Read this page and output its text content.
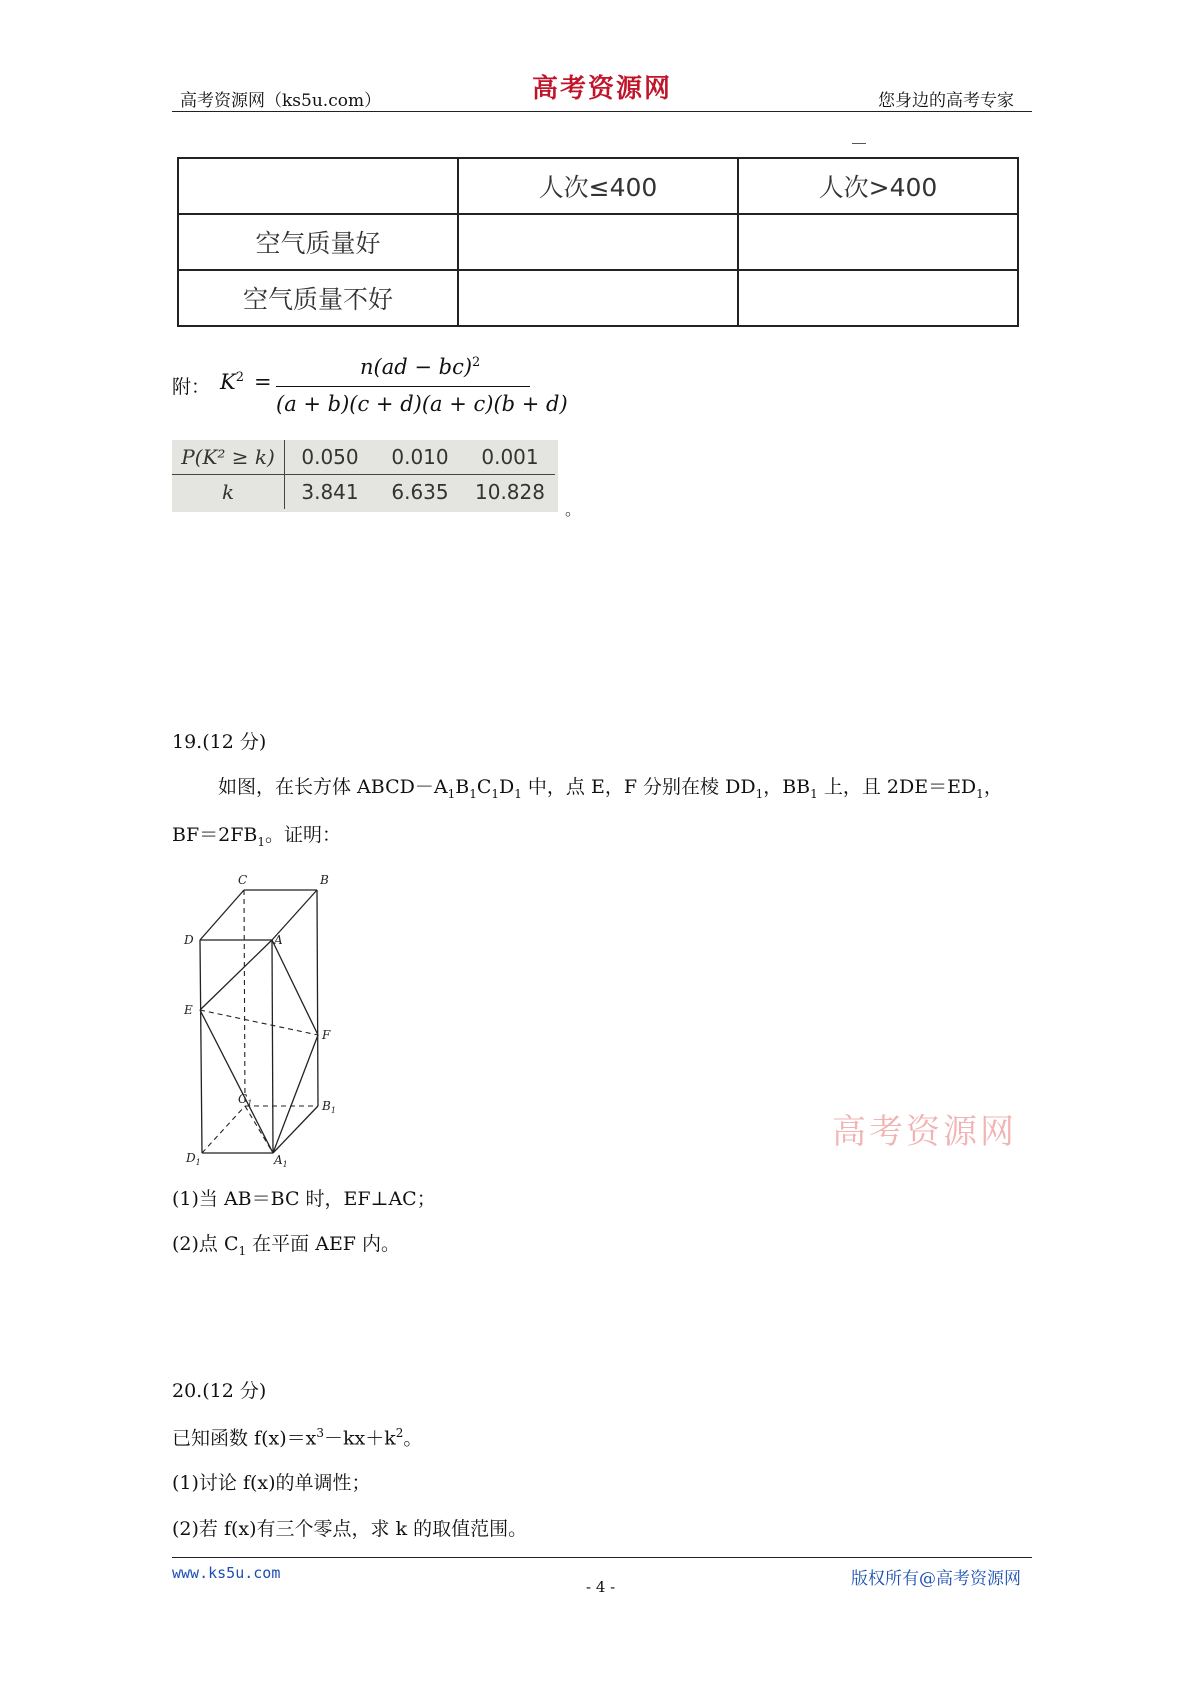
高考资源网（ks5u.com）	高考资源网	您身边的高考专家
	人次≤400	人次>400
空气质量好		
空气质量不好		
附： $K^2$ =
n(ad − bc)$^2$
(a + b)(c + d)(a + c)(b + d)
P(K² ≥ k)	0.050	0.010	0.001
k	3.841	6.635	10.828
。
19.(12 分)
如图，在长方体 $ABCD-A_1B_1C_1D_1$ 中，点 E，F 分别在棱 $DD_1$，$BB_1$ 上，且 $2DE=ED_1$，
$BF=2FB_1$。证明：
C	B
D	A
E
F
$C_1$	$B_1$
$D_1$	$A_1$
高考资源网
(1)当 AB＝BC 时，EF⊥AC；
(2)点 $C_1$ 在平面 AEF 内。
20.(12 分)
已知函数 $f(x)=x^3-kx+k^2$。
(1)讨论 f(x)的单调性；
(2)若 f(x)有三个零点，求 k 的取值范围。
www.ks5u.com
- 4 -	版权所有@高考资源网
